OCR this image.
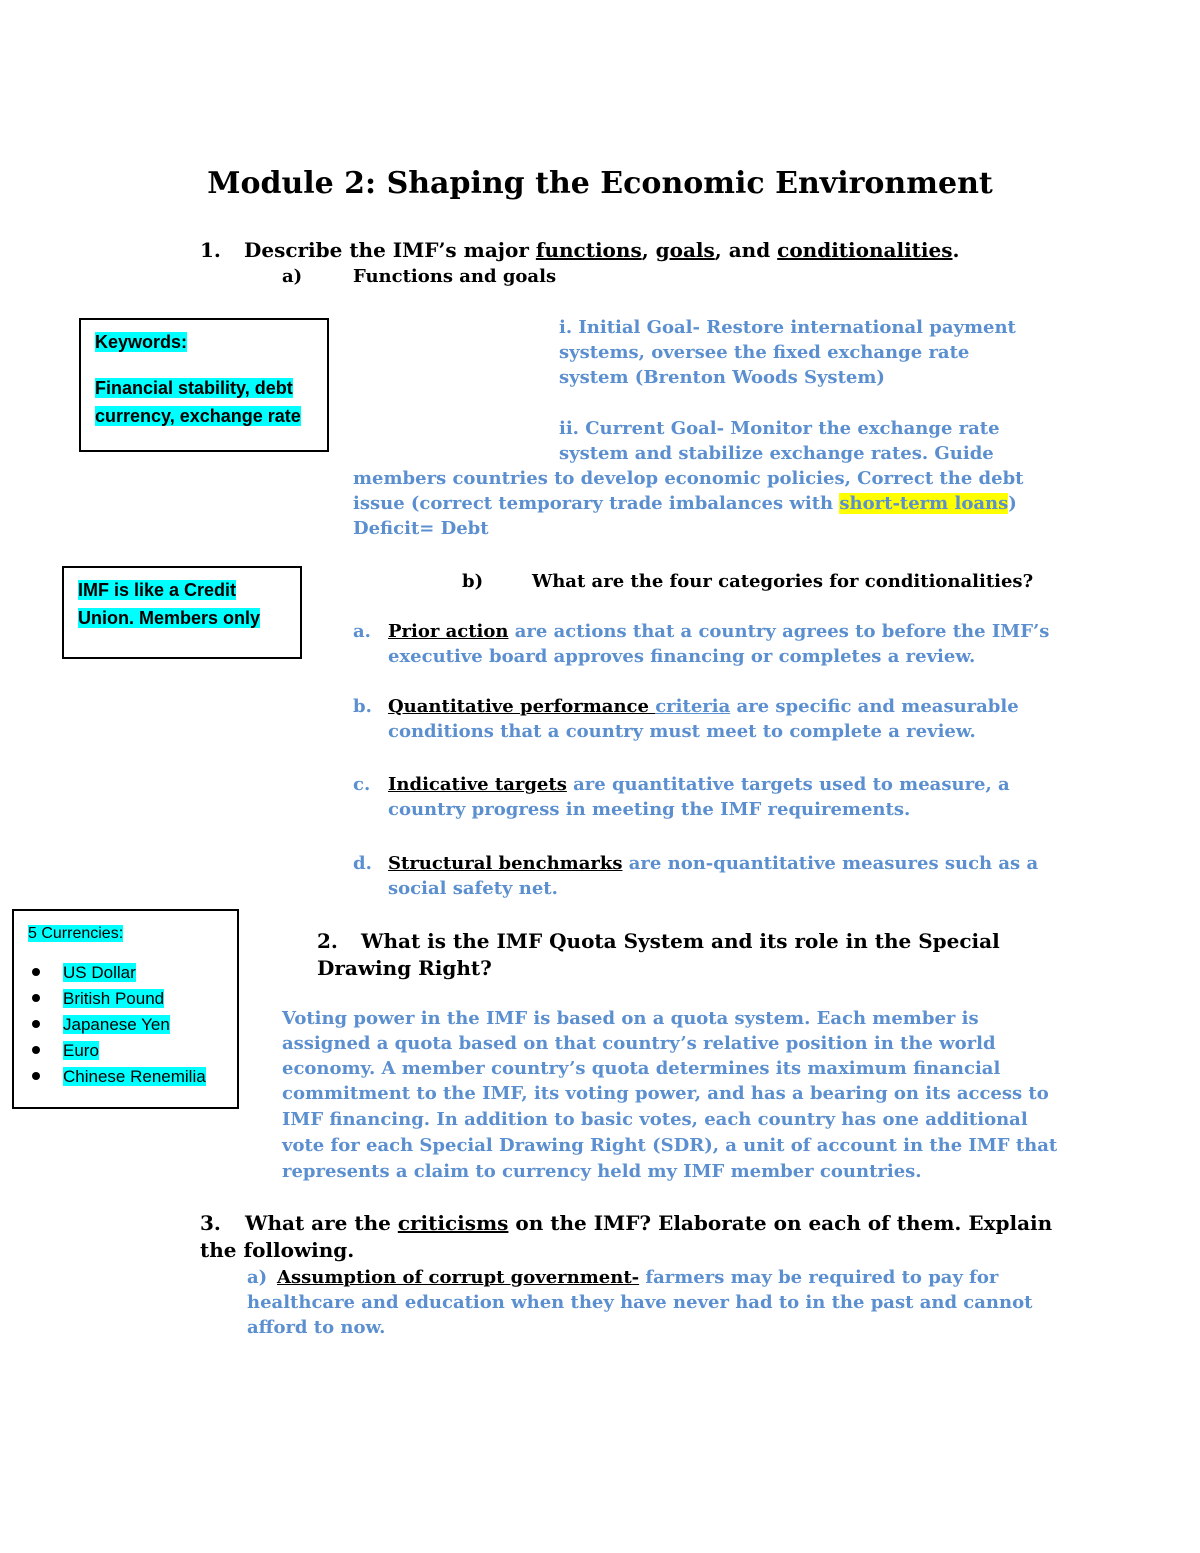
Module 2: Shaping the Economic Environment
1. Describe the IMF’s major functions, goals, and conditionalities.
a)	Functions and goals
i. Initial Goal- Restore international payment
systems, oversee the fixed exchange rate
system (Brenton Woods System)
ii. Current Goal- Monitor the exchange rate
system and stabilize exchange rates. Guide
members countries to develop economic policies, Correct the debt
issue (correct temporary trade imbalances with short-term loans)
Deficit= Debt
b)	What are the four categories for conditionalities?
a. Prior action are actions that a country agrees to before the IMF’s
executive board approves financing or completes a review.
b. Quantitative performance criteria are specific and measurable
conditions that a country must meet to complete a review.
c. Indicative targets are quantitative targets used to measure, a
country progress in meeting the IMF requirements.
d. Structural benchmarks are non-quantitative measures such as a
social safety net.
Keywords:
Financial stability, debt
currency, exchange rate
IMF is like a Credit
Union. Members only
5 Currencies:
US Dollar
British Pound
Japanese Yen
Euro
Chinese Renemilia
2. What is the IMF Quota System and its role in the Special
Drawing Right?
Voting power in the IMF is based on a quota system. Each member is
assigned a quota based on that country’s relative position in the world
economy. A member country’s quota determines its maximum financial
commitment to the IMF, its voting power, and has a bearing on its access to
IMF financing. In addition to basic votes, each country has one additional
vote for each Special Drawing Right (SDR), a unit of account in the IMF that
represents a claim to currency held my IMF member countries.
3. What are the criticisms on the IMF? Elaborate on each of them. Explain
the following.
a) Assumption of corrupt government- farmers may be required to pay for
healthcare and education when they have never had to in the past and cannot
afford to now.
